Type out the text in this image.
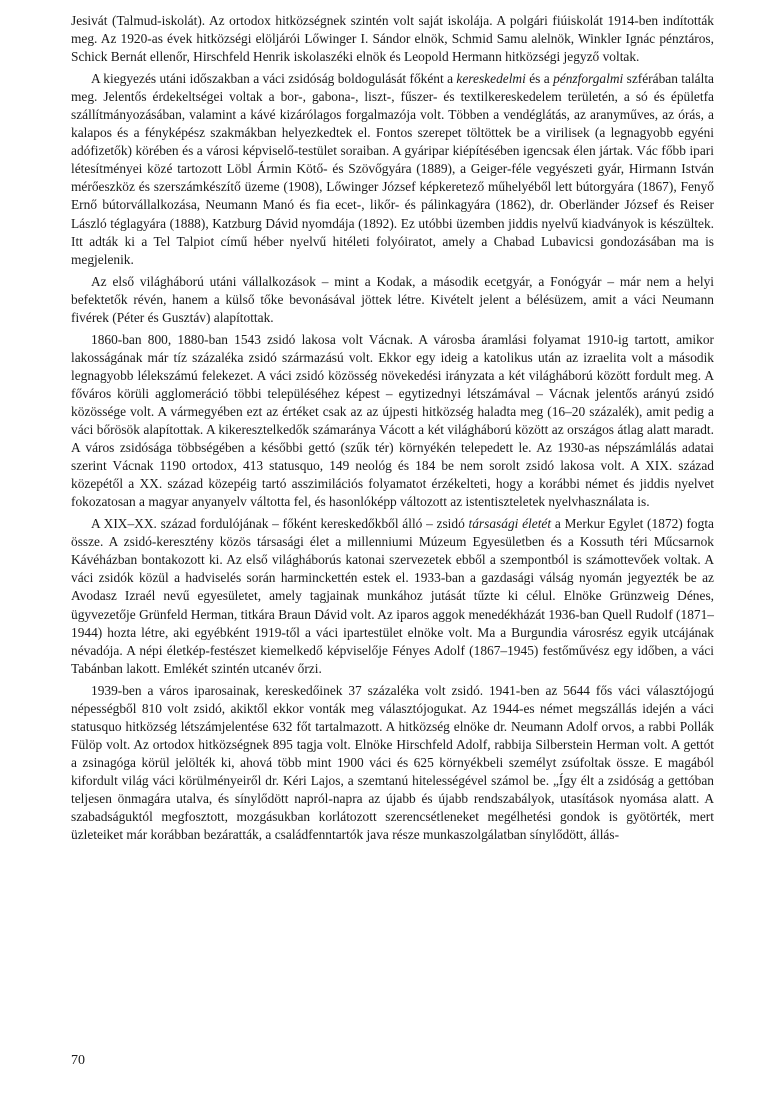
Jesivát (Talmud-iskolát). Az ortodox hitközségnek szintén volt saját iskolája. A polgári fiúiskolát 1914-ben indították meg. Az 1920-as évek hitközségi elöljárói Lőwinger I. Sándor elnök, Schmid Samu alelnök, Winkler Ignác pénztáros, Schick Bernát ellenőr, Hirschfeld Henrik iskolaszéki elnök és Leopold Hermann hitközségi jegyző voltak.

A kiegyezés utáni időszakban a váci zsidóság boldogulását főként a kereskedelmi és a pénzforgalmi szférában találta meg. Jelentős érdekeltségei voltak a bor-, gabona-, liszt-, fűszer- és textilkereskedelem területén, a só és épületfa szállítmányozásában, valamint a kávé kizárólagos forgalmazója volt. Többen a vendéglátás, az aranyműves, az órás, a kalapos és a fényképész szakmákban helyezkedtek el. Fontos szerepet töltöttek be a virilisek (a legnagyobb egyéni adófizetők) körében és a városi képviselő-testület soraiban. A gyáripar kiépítésében igencsak élen jártak. Vác főbb ipari létesítményei közé tartozott Löbl Ármin Kötő- és Szövőgyára (1889), a Geiger-féle vegyészeti gyár, Hirmann István mérőeszköz és szerszámkészítő üzeme (1908), Lőwinger József képkeretező műhelyéből lett bútorgyára (1867), Fenyő Ernő bútorvállalkozása, Neumann Manó és fia ecet-, likőr- és pálinkagyára (1862), dr. Oberländer József és Reiser László téglagyára (1888), Katzburg Dávid nyomdája (1892). Ez utóbbi üzemben jiddis nyelvű kiadványok is készültek. Itt adták ki a Tel Talpiot című héber nyelvű hitéleti folyóiratot, amely a Chabad Lubavicsi gondozásában ma is megjelenik.

Az első világháború utáni vállalkozások – mint a Kodak, a második ecetgyár, a Fonógyár – már nem a helyi befektetők révén, hanem a külső tőke bevonásával jöttek létre. Kivételt jelent a bélésüzem, amit a váci Neumann fivérek (Péter és Gusztáv) alapítottak.

1860-ban 800, 1880-ban 1543 zsidó lakosa volt Vácnak. A városba áramlási folyamat 1910-ig tartott, amikor lakosságának már tíz százaléka zsidó származású volt. Ekkor egy ideig a katolikus után az izraelita volt a második legnagyobb lélekszámú felekezet. A váci zsidó közösség növekedési irányzata a két világháború között fordult meg. A főváros körüli agglomeráció többi településéhez képest – egytizednyi létszámával – Vácnak jelentős arányú zsidó közössége volt. A vármegyében ezt az értéket csak az az újpesti hitközség haladta meg (16–20 százalék), amit pedig a váci bőrösök alapítottak. A kikeresztelkedők számaránya Vácott a két világháború között az országos átlag alatt maradt. A város zsidósága többségében a későbbi gettó (szűk tér) környékén telepedett le. Az 1930-as népszámlálás adatai szerint Vácnak 1190 ortodox, 413 statusquo, 149 neológ és 184 be nem sorolt zsidó lakosa volt. A XIX. század közepétől a XX. század közepéig tartó asszimilációs folyamatot érzékelteti, hogy a korábbi német és jiddis nyelvet fokozatosan a magyar anyanyelv váltotta fel, és hasonlóképp változott az istentiszteletek nyelvhasználata is.

A XIX–XX. század fordulójának – főként kereskedőkből álló – zsidó társasági életét a Merkur Egylet (1872) fogta össze. A zsidó-keresztény közös társasági élet a millenniumi Múzeum Egyesületben és a Kossuth téri Műcsarnok Kávéházban bontakozott ki. Az első világháborús katonai szervezetek ebből a szempontból is számottevőek voltak. A váci zsidók közül a hadviselés során harminckettén estek el. 1933-ban a gazdasági válság nyomán jegyezték be az Avodasz Izraél nevű egyesületet, amely tagjainak munkához jutását tűzte ki célul. Elnöke Grünzweig Dénes, ügyvezetője Grünfeld Herman, titkára Braun Dávid volt. Az iparos aggok menedékházát 1936-ban Quell Rudolf (1871–1944) hozta létre, aki egyébként 1919-től a váci ipartestület elnöke volt. Ma a Burgundia városrész egyik utcájának névadója. A népi életkép-festészet kiemelkedő képviselője Fényes Adolf (1867–1945) festőművész egy időben, a váci Tabánban lakott. Emlékét szintén utcanév őrzi.

1939-ben a város iparosainak, kereskedőinek 37 százaléka volt zsidó. 1941-ben az 5644 fős váci választójogú népességből 810 volt zsidó, akiktől ekkor vonták meg választójogukat. Az 1944-es német megszállás idején a váci statusquo hitközség létszámjelentése 632 főt tartalmazott. A hitközség elnöke dr. Neumann Adolf orvos, a rabbi Pollák Fülöp volt. Az ortodox hitközségnek 895 tagja volt. Elnöke Hirschfeld Adolf, rabbija Silberstein Herman volt. A gettót a zsinagóga körül jelölték ki, ahová több mint 1900 váci és 625 környékbeli személyt zsúfoltak össze. E magából kifordult világ váci körülményeiről dr. Kéri Lajos, a szemtanú hitelességével számol be. „Így élt a zsidóság a gettóban teljesen önmagára utalva, és sínylődött napról-napra az újabb és újabb rendszabályok, utasítások nyomása alatt. A szabadságuktól megfosztott, mozgásukban korlátozott szerencsétleneket megélhetési gondok is gyötörték, mert üzleteiket már korábban bezáratták, a családfenntartók java része munkaszolgálatban sínylődött, állás-

70
